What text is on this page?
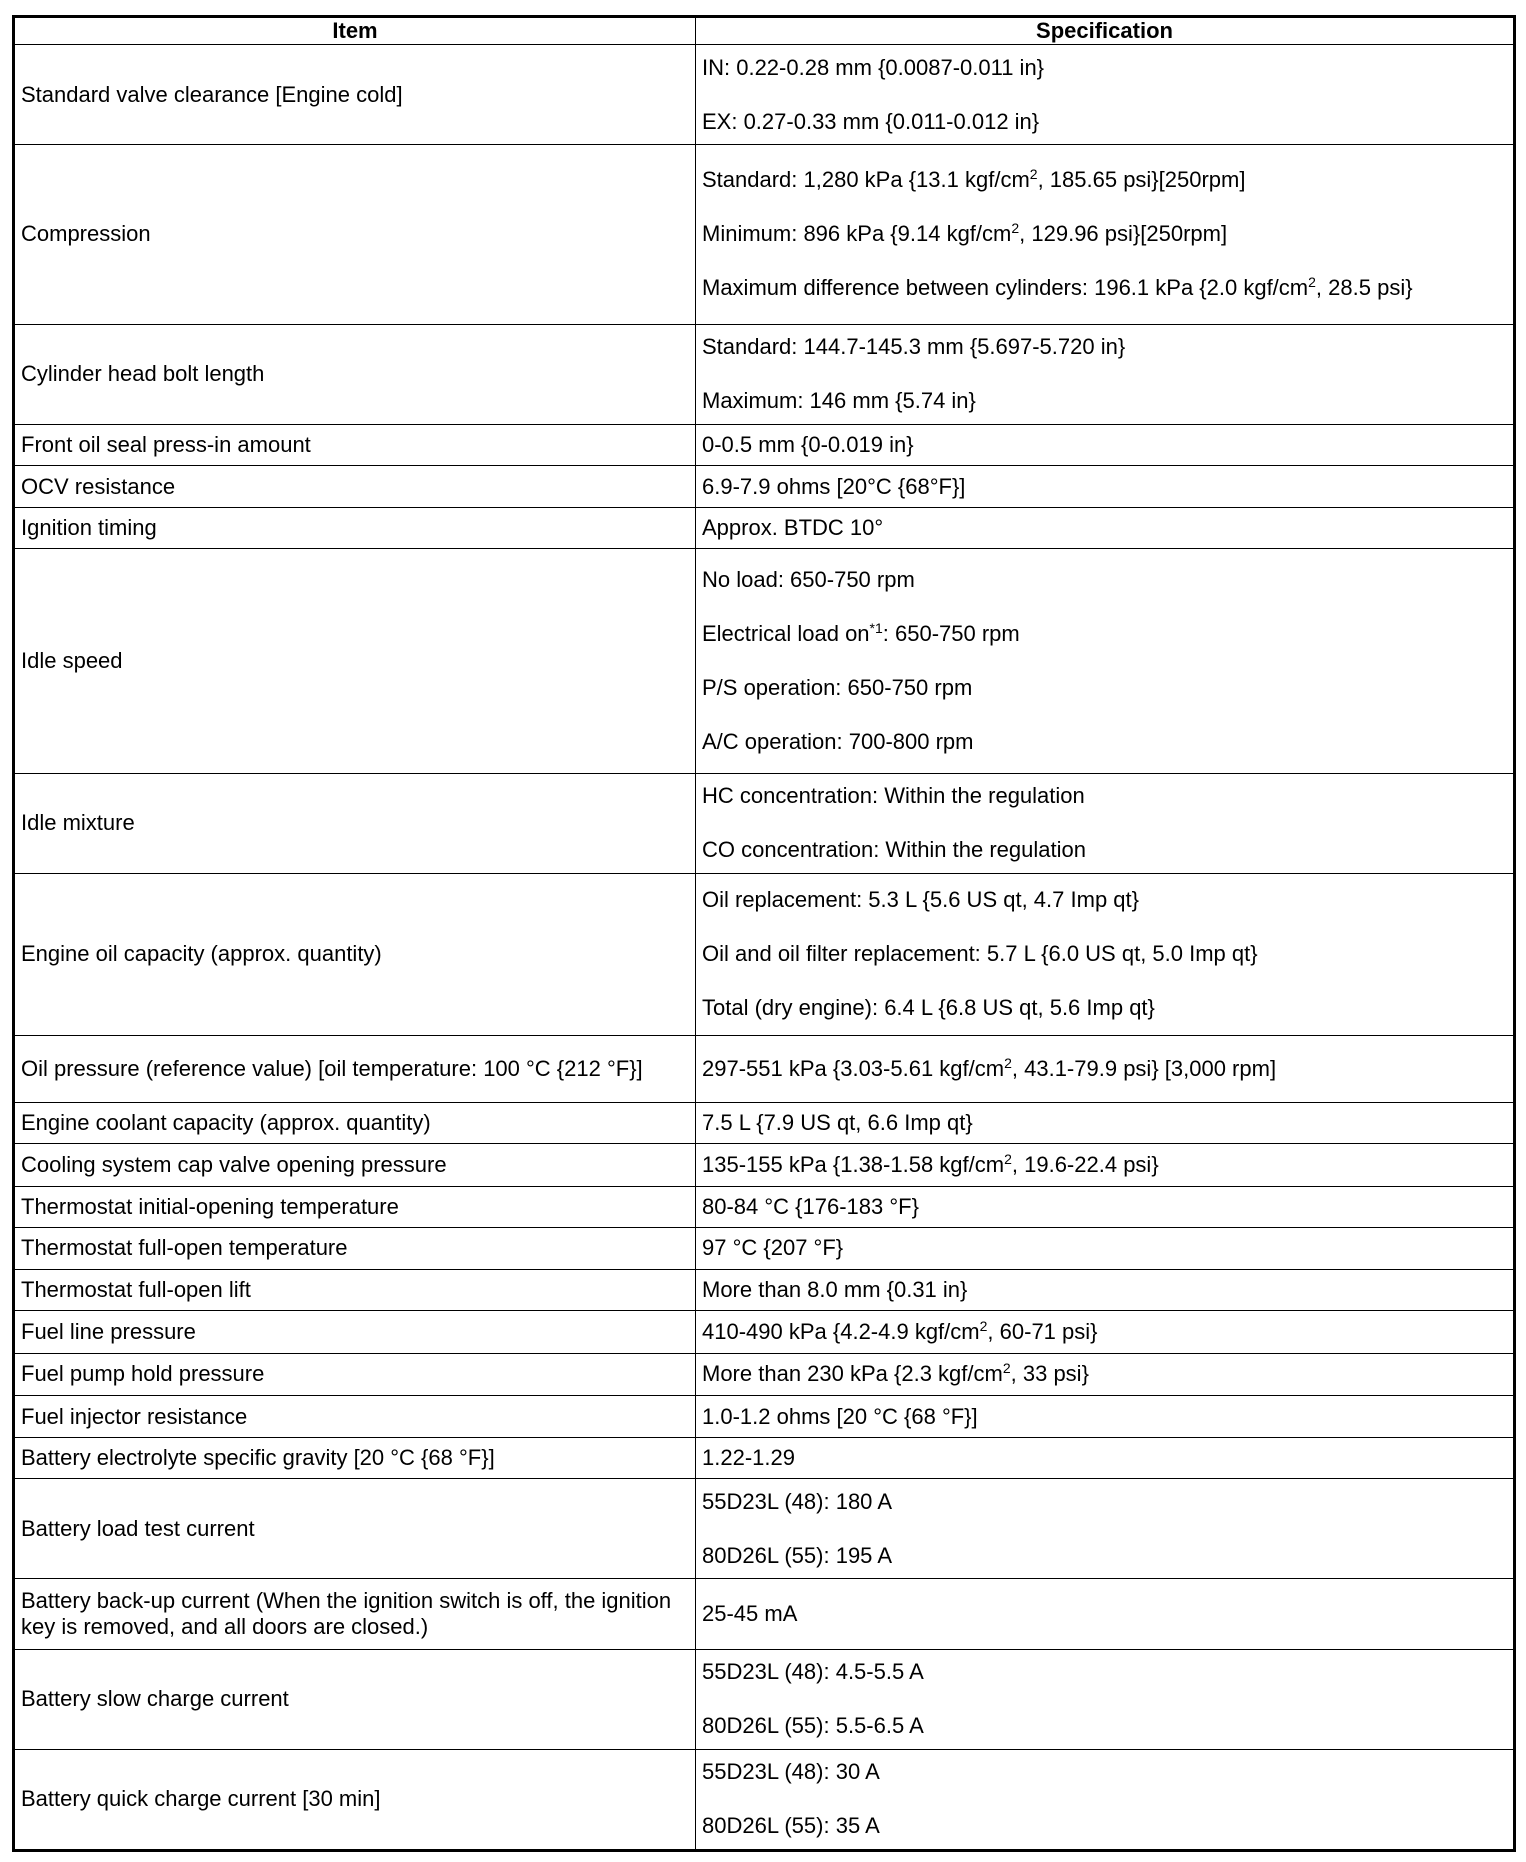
Item	Specification
Standard valve clearance [Engine cold]	IN: 0.22-0.28 mm {0.0087-0.011 in}
EX: 0.27-0.33 mm {0.011-0.012 in}

Compression	Standard: 1,280 kPa {13.1 kgf/$cm^2$, 185.65 psi}[250rpm]
Minimum: 896 kPa {9.14 kgf/$cm^2$, 129.96 psi}[250rpm]
Maximum difference between cylinders: 196.1 kPa {2.0 kgf/$cm^2$, 28.5 psi}

Cylinder head bolt length	Standard: 144.7-145.3 mm {5.697-5.720 in}
Maximum: 146 mm {5.74 in}

Front oil seal press-in amount	0-0.5 mm {0-0.019 in}

OCV resistance	6.9-7.9 ohms [20°C {68°F}]

Ignition timing	Approx. BTDC 10°

Idle speed	No load: 650-750 rpm
Electrical load $on^{*1}$: 650-750 rpm
P/S operation: 650-750 rpm
A/C operation: 700-800 rpm

Idle mixture	HC concentration: Within the regulation
CO concentration: Within the regulation

Engine oil capacity (approx. quantity)	Oil replacement: 5.3 L {5.6 US qt, 4.7 Imp qt}
Oil and oil filter replacement: 5.7 L {6.0 US qt, 5.0 Imp qt}
Total (dry engine): 6.4 L {6.8 US qt, 5.6 Imp qt}

Oil pressure (reference value) [oil temperature: 100 °C {212 °F}]	297-551 kPa {3.03-5.61 kgf/$cm^2$, 43.1-79.9 psi} [3,000 rpm]

Engine coolant capacity (approx. quantity)	7.5 L {7.9 US qt, 6.6 Imp qt}

Cooling system cap valve opening pressure	135-155 kPa {1.38-1.58 kgf/$cm^2$, 19.6-22.4 psi}

Thermostat initial-opening temperature	80-84 °C {176-183 °F}

Thermostat full-open temperature	97 °C {207 °F}

Thermostat full-open lift	More than 8.0 mm {0.31 in}

Fuel line pressure	410-490 kPa {4.2-4.9 kgf/$cm^2$, 60-71 psi}

Fuel pump hold pressure	More than 230 kPa {2.3 kgf/$cm^2$, 33 psi}

Fuel injector resistance	1.0-1.2 ohms [20 °C {68 °F}]

Battery electrolyte specific gravity [20 °C {68 °F}]	1.22-1.29

Battery load test current	55D23L (48): 180 A
80D26L (55): 195 A

Battery back-up current (When the ignition switch is off, the ignition key is removed, and all doors are closed.)	25-45 mA

Battery slow charge current	55D23L (48): 4.5-5.5 A
80D26L (55): 5.5-6.5 A

Battery quick charge current [30 min]	55D23L (48): 30 A
80D26L (55): 35 A
